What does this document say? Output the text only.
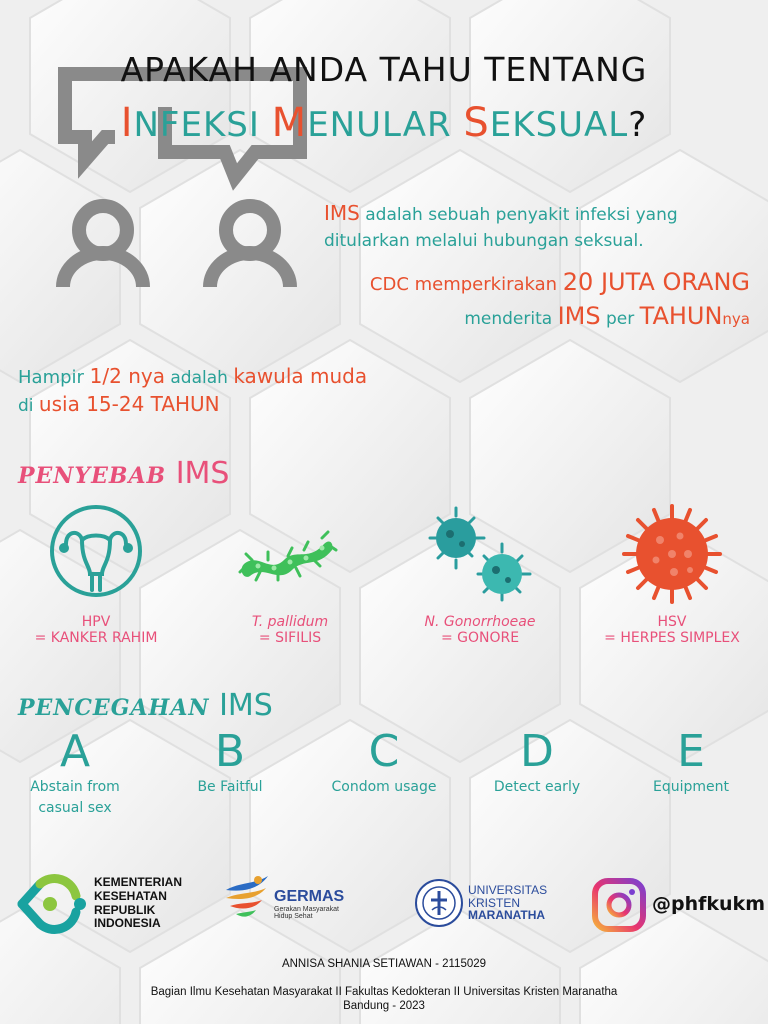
APAKAH ANDA TAHU TENTANG
INFEKSI MENULAR SEKSUAL?
IMS adalah sebuah penyakit infeksi yang
ditularkan melalui hubungan seksual.
CDC memperkirakan 20 JUTA ORANG
menderita IMS per TAHUNnya
Hampir 1/2 nya adalah kawula muda
di usia 15-24 TAHUN
PENYEBAB IMS
HPV
= KANKER RAHIM
T. pallidum
= SIFILIS
N. Gonorrhoeae
= GONORE
HSV
= HERPES SIMPLEX
PENCEGAHAN IMS
A
Abstain from
casual sex
B
Be Faitful
C
Condom usage
D
Detect early
E
Equipment
KEMENTERIAN
KESEHATAN
REPUBLIK
INDONESIA
GERMAS
Gerakan Masyarakat
Hidup Sehat
UNIVERSITAS
KRISTEN
MARANATHA
@phfkukm
ANNISA SHANIA SETIAWAN - 2115029
Bagian Ilmu Kesehatan Masyarakat II Fakultas Kedokteran II Universitas Kristen Maranatha
Bandung - 2023
